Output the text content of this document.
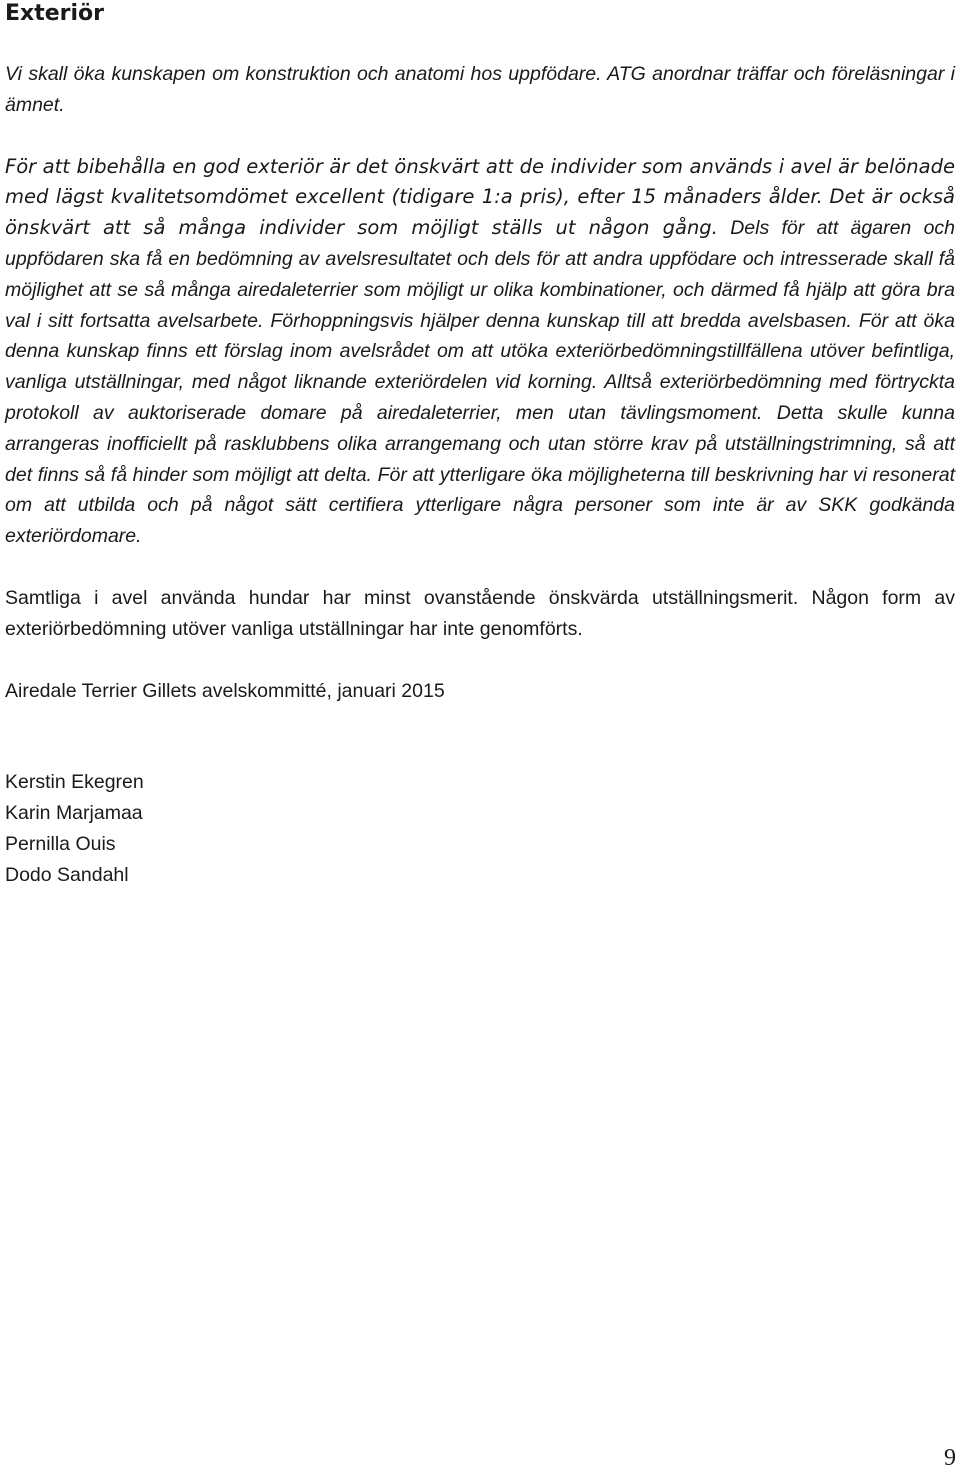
Exteriör

Vi skall öka kunskapen om konstruktion och anatomi hos uppfödare. ATG anordnar träffar och föreläsningar i ämnet.

För att bibehålla en god exteriör är det önskvärt att de individer som används i avel är belönade med lägst kvalitetsomdömet excellent (tidigare 1:a pris), efter 15 månaders ålder. Det är också önskvärt att så många individer som möjligt ställs ut någon gång. Dels för att ägaren och uppfödaren ska få en bedömning av avelsresultatet och dels för att andra uppfödare och intresserade skall få möjlighet att se så många airedaleterrier som möjligt ur olika kombinationer, och därmed få hjälp att göra bra val i sitt fortsatta avelsarbete. Förhoppningsvis hjälper denna kunskap till att bredda avelsbasen. För att öka denna kunskap finns ett förslag inom avelsrådet om att utöka exteriörbedömningstillfällena utöver befintliga, vanliga utställningar, med något liknande exteriördelen vid korning. Alltså exteriörbedömning med förtryckta protokoll av auktoriserade domare på airedaleterrier, men utan tävlingsmoment. Detta skulle kunna arrangeras inofficiellt på rasklubbens olika arrangemang och utan större krav på utställningstrimning, så att det finns så få hinder som möjligt att delta. För att ytterligare öka möjligheterna till beskrivning har vi resonerat om att utbilda och på något sätt certifiera ytterligare några personer som inte är av SKK godkända exteriördomare.

Samtliga i avel använda hundar har minst ovanstående önskvärda utställningsmerit. Någon form av exteriörbedömning utöver vanliga utställningar har inte genomförts.

Airedale Terrier Gillets avelskommitté, januari 2015

Kerstin Ekegren
Karin Marjamaa
Pernilla Ouis
Dodo Sandahl

9
